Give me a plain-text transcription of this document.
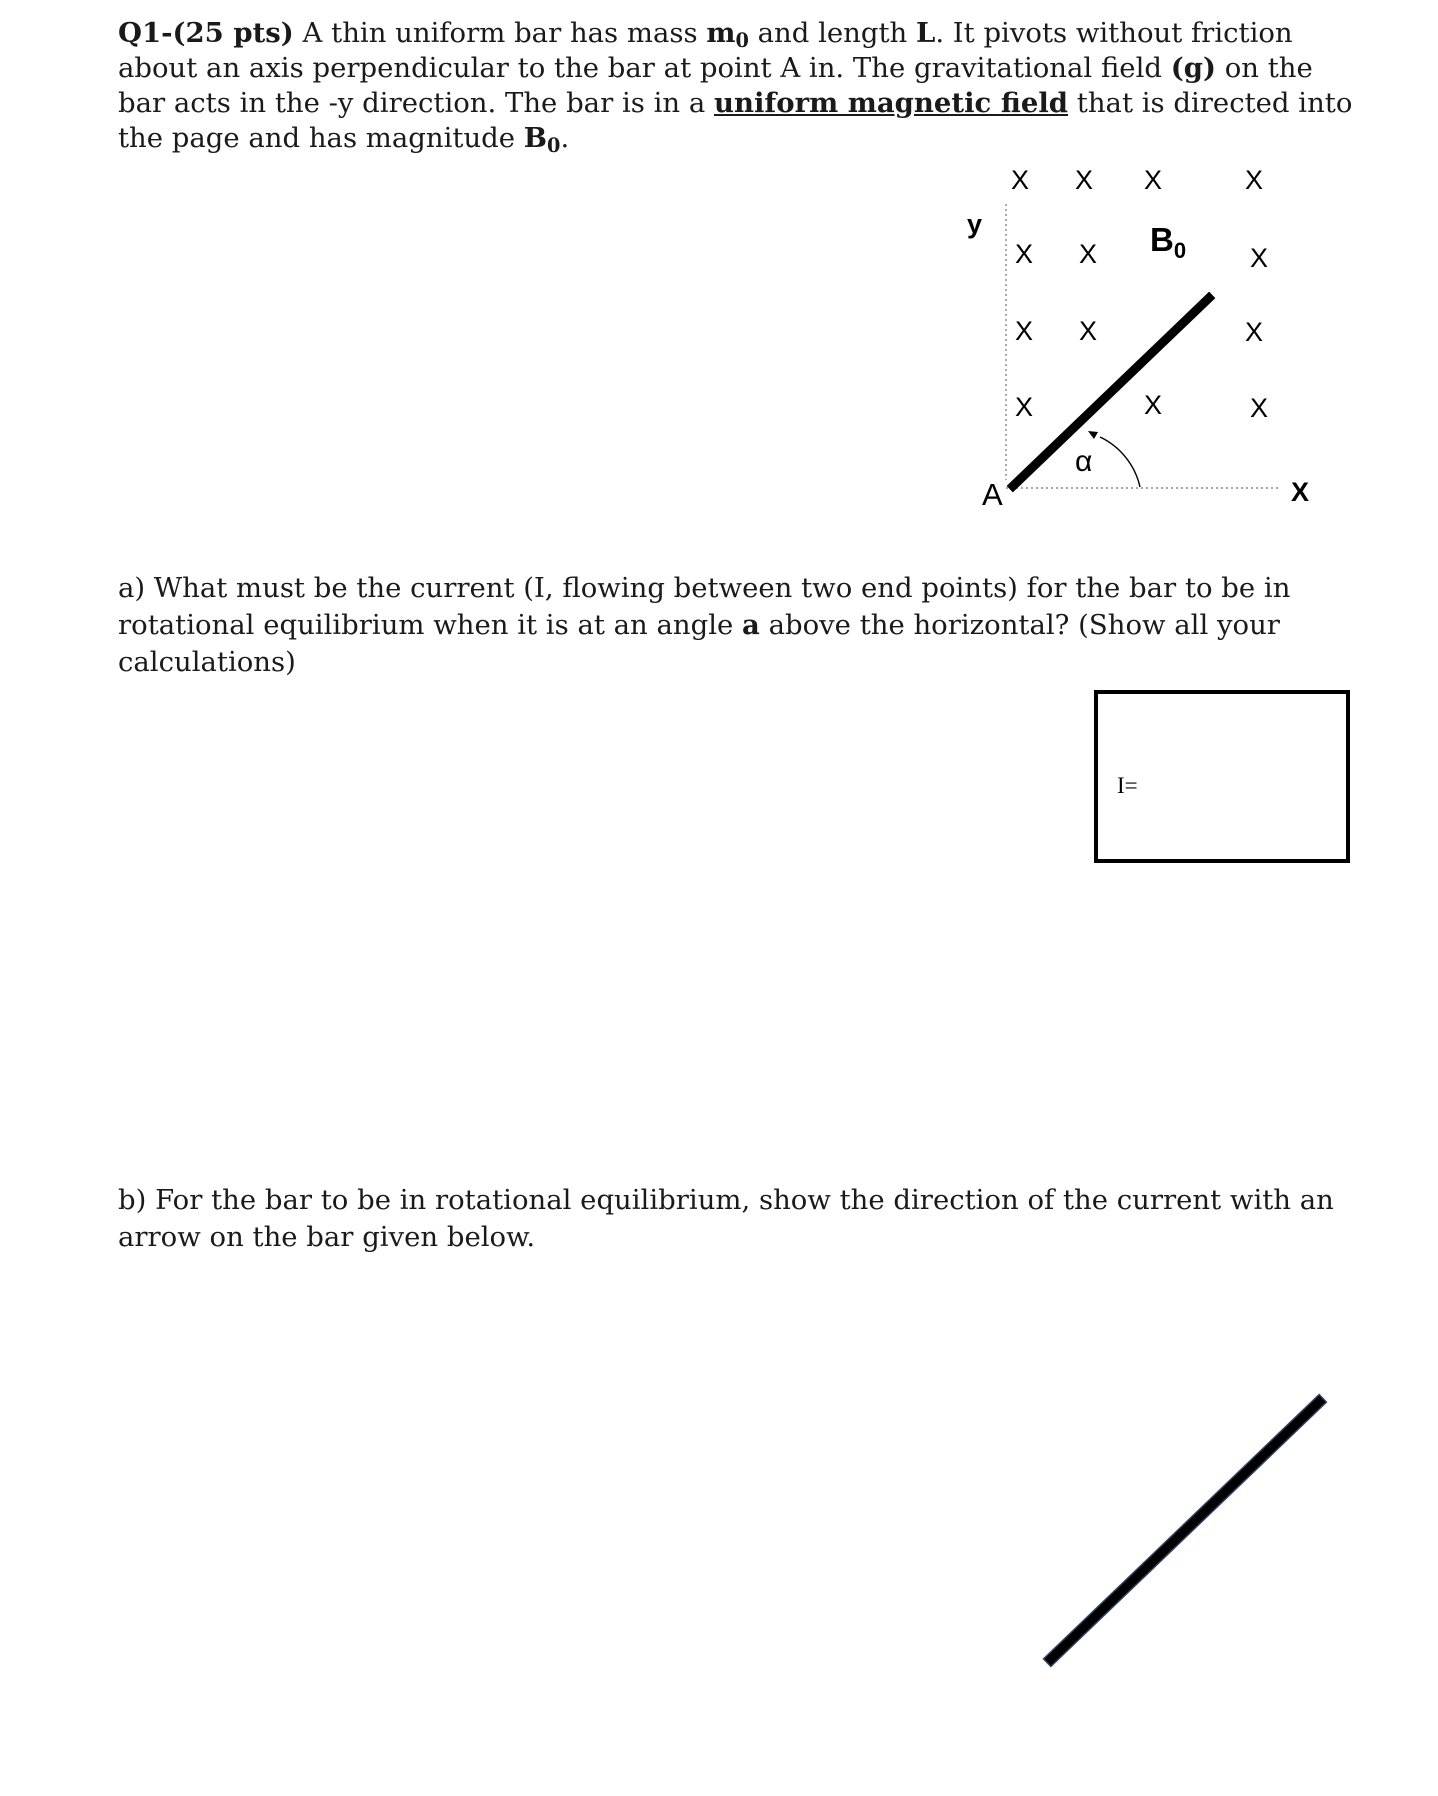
Q1-(25 pts) A thin uniform bar has mass $m_0$ and length L. It pivots without friction about an axis perpendicular to the bar at point A in. The gravitational field (g) on the bar acts in the -y direction. The bar is in a uniform magnetic field that is directed into the page and has magnitude $B_0$.

y
X
A
X X X	X
X X	X
X X	X
X	X	X
$B_0$
α

a) What must be the current (I, flowing between two end points) for the bar to be in rotational equilibrium when it is at an angle a above the horizontal? (Show all your calculations)

I=

b) For the bar to be in rotational equilibrium, show the direction of the current with an arrow on the bar given below.
